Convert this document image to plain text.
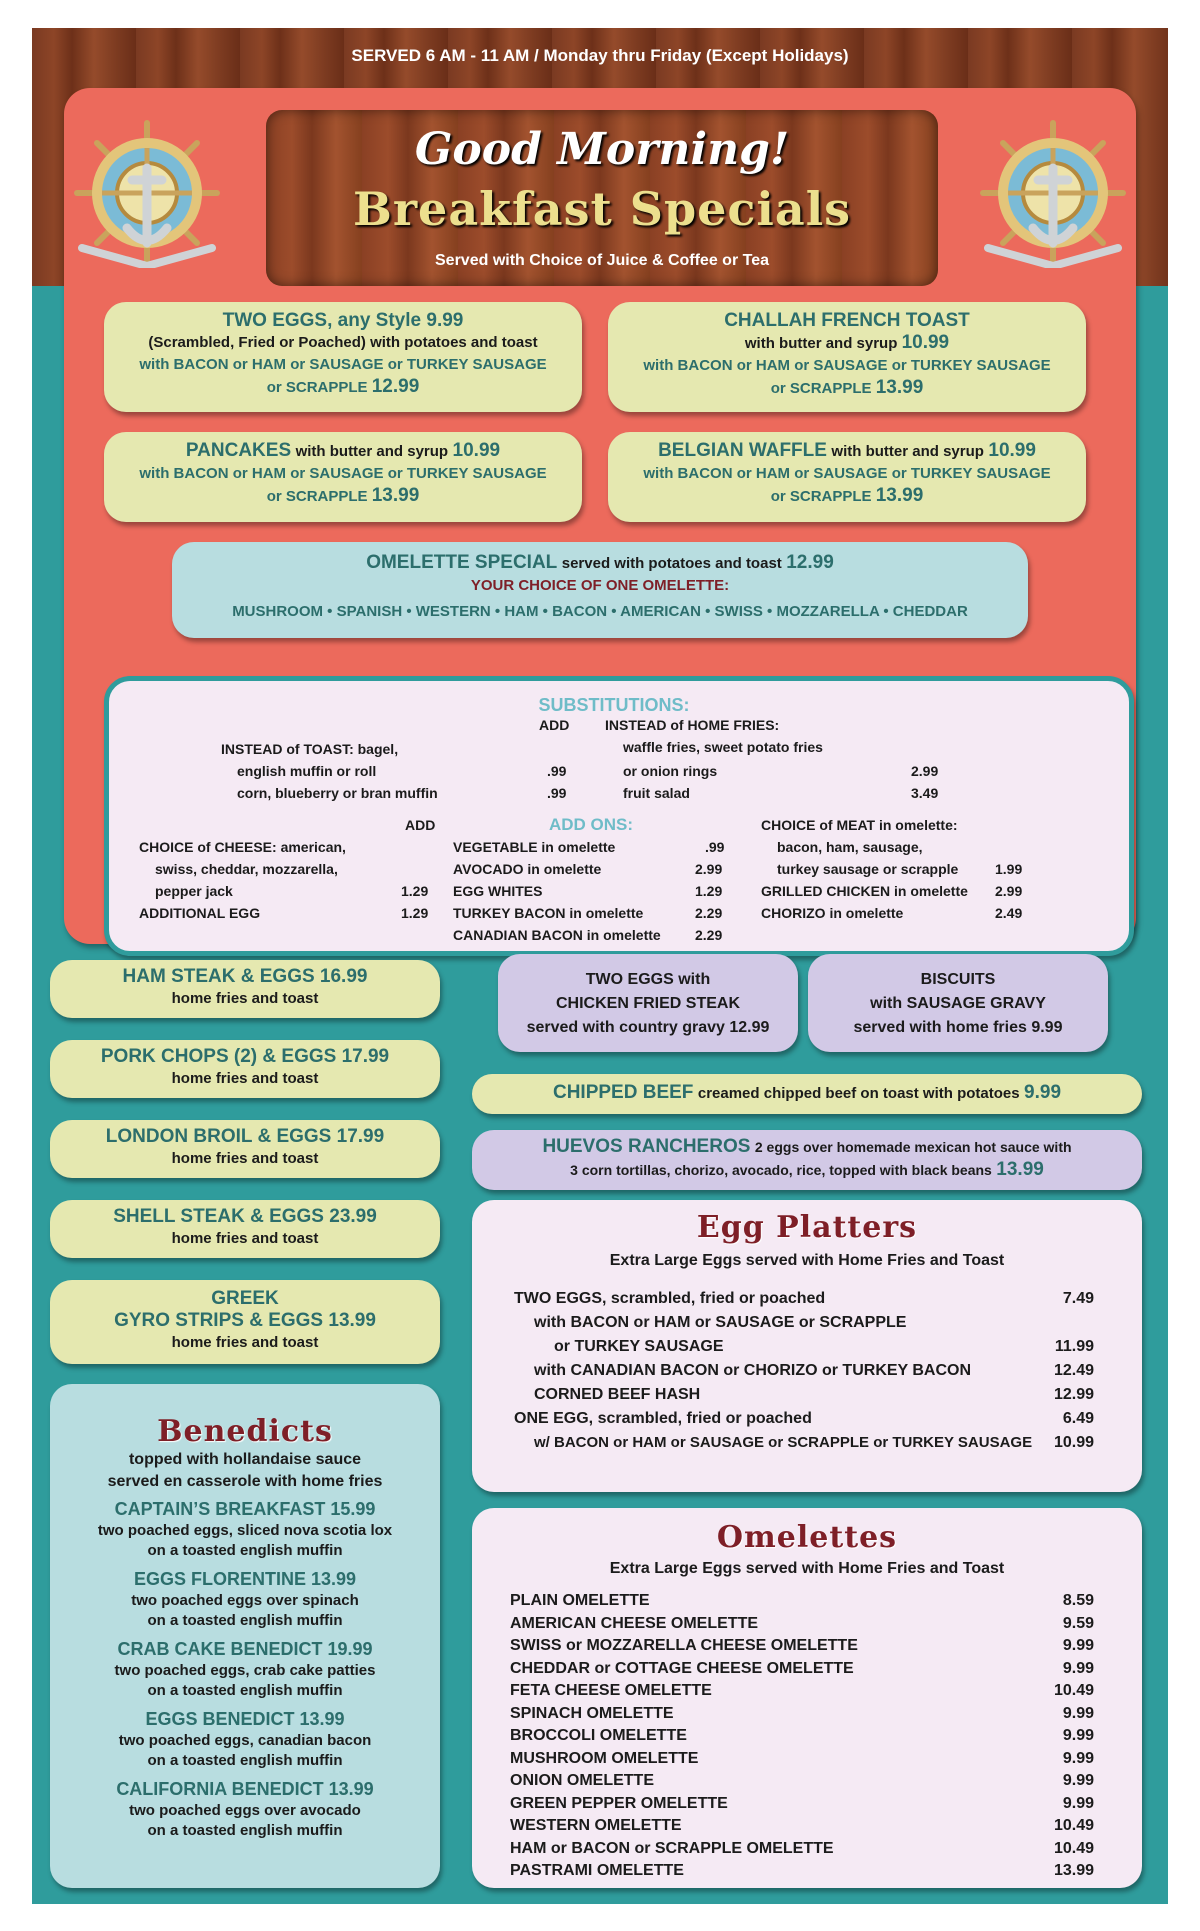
SERVED 6 AM - 11 AM / Monday thru Friday (Except Holidays)
Good Morning!
Breakfast Specials
Served with Choice of Juice & Coffee or Tea
TWO EGGS, any Style 9.99
(Scrambled, Fried or Poached) with potatoes and toast
with BACON or HAM or SAUSAGE or TURKEY SAUSAGE
or SCRAPPLE 12.99
CHALLAH FRENCH TOAST
with butter and syrup 10.99
with BACON or HAM or SAUSAGE or TURKEY SAUSAGE
or SCRAPPLE 13.99
PANCAKES with butter and syrup 10.99
with BACON or HAM or SAUSAGE or TURKEY SAUSAGE
or SCRAPPLE 13.99
BELGIAN WAFFLE with butter and syrup 10.99
with BACON or HAM or SAUSAGE or TURKEY SAUSAGE
or SCRAPPLE 13.99
OMELETTE SPECIAL served with potatoes and toast 12.99
YOUR CHOICE OF ONE OMELETTE:
MUSHROOM • SPANISH • WESTERN • HAM • BACON • AMERICAN • SWISS • MOZZARELLA • CHEDDAR
SUBSTITUTIONS:
ADD
INSTEAD of TOAST: bagel,
english muffin or roll	.99
corn, blueberry or bran muffin	.99
INSTEAD of HOME FRIES:
waffle fries, sweet potato fries
or onion rings	2.99
fruit salad	3.49
ADD	ADD ONS:
CHOICE of CHEESE: american,
swiss, cheddar, mozzarella,
pepper jack	1.29
ADDITIONAL EGG	1.29
VEGETABLE in omelette	.99
AVOCADO in omelette	2.99
EGG WHITES	1.29
TURKEY BACON in omelette	2.29
CANADIAN BACON in omelette 2.29
CHOICE of MEAT in omelette:
bacon, ham, sausage,
turkey sausage or scrapple	1.99
GRILLED CHICKEN in omelette 2.99
CHORIZO in omelette	2.49
HAM STEAK & EGGS 16.99
home fries and toast
PORK CHOPS (2) & EGGS 17.99
home fries and toast
LONDON BROIL & EGGS 17.99
home fries and toast
SHELL STEAK & EGGS 23.99
home fries and toast
GREEK
GYRO STRIPS & EGGS 13.99
home fries and toast
TWO EGGS with
CHICKEN FRIED STEAK
served with country gravy 12.99
BISCUITS
with SAUSAGE GRAVY
served with home fries 9.99
CHIPPED BEEF creamed chipped beef on toast with potatoes 9.99
HUEVOS RANCHEROS 2 eggs over homemade mexican hot sauce with
3 corn tortillas, chorizo, avocado, rice, topped with black beans 13.99
Benedicts
topped with hollandaise sauce
served en casserole with home fries
CAPTAIN’S BREAKFAST 15.99
two poached eggs, sliced nova scotia lox
on a toasted english muffin
EGGS FLORENTINE 13.99
two poached eggs over spinach
on a toasted english muffin
CRAB CAKE BENEDICT 19.99
two poached eggs, crab cake patties
on a toasted english muffin
EGGS BENEDICT 13.99
two poached eggs, canadian bacon
on a toasted english muffin
CALIFORNIA BENEDICT 13.99
two poached eggs over avocado
on a toasted english muffin
Egg Platters
Extra Large Eggs served with Home Fries and Toast
TWO EGGS, scrambled, fried or poached	7.49
with BACON or HAM or SAUSAGE or SCRAPPLE
or TURKEY SAUSAGE	11.99
with CANADIAN BACON or CHORIZO or TURKEY BACON	12.49
CORNED BEEF HASH	12.99
ONE EGG, scrambled, fried or poached	6.49
w/ BACON or HAM or SAUSAGE or SCRAPPLE or TURKEY SAUSAGE	10.99
Omelettes
Extra Large Eggs served with Home Fries and Toast
PLAIN OMELETTE	8.59
AMERICAN CHEESE OMELETTE	9.59
SWISS or MOZZARELLA CHEESE OMELETTE	9.99
CHEDDAR or COTTAGE CHEESE OMELETTE	9.99
FETA CHEESE OMELETTE	10.49
SPINACH OMELETTE	9.99
BROCCOLI OMELETTE	9.99
MUSHROOM OMELETTE	9.99
ONION OMELETTE	9.99
GREEN PEPPER OMELETTE	9.99
WESTERN OMELETTE	10.49
HAM or BACON or SCRAPPLE OMELETTE	10.49
PASTRAMI OMELETTE	13.99
